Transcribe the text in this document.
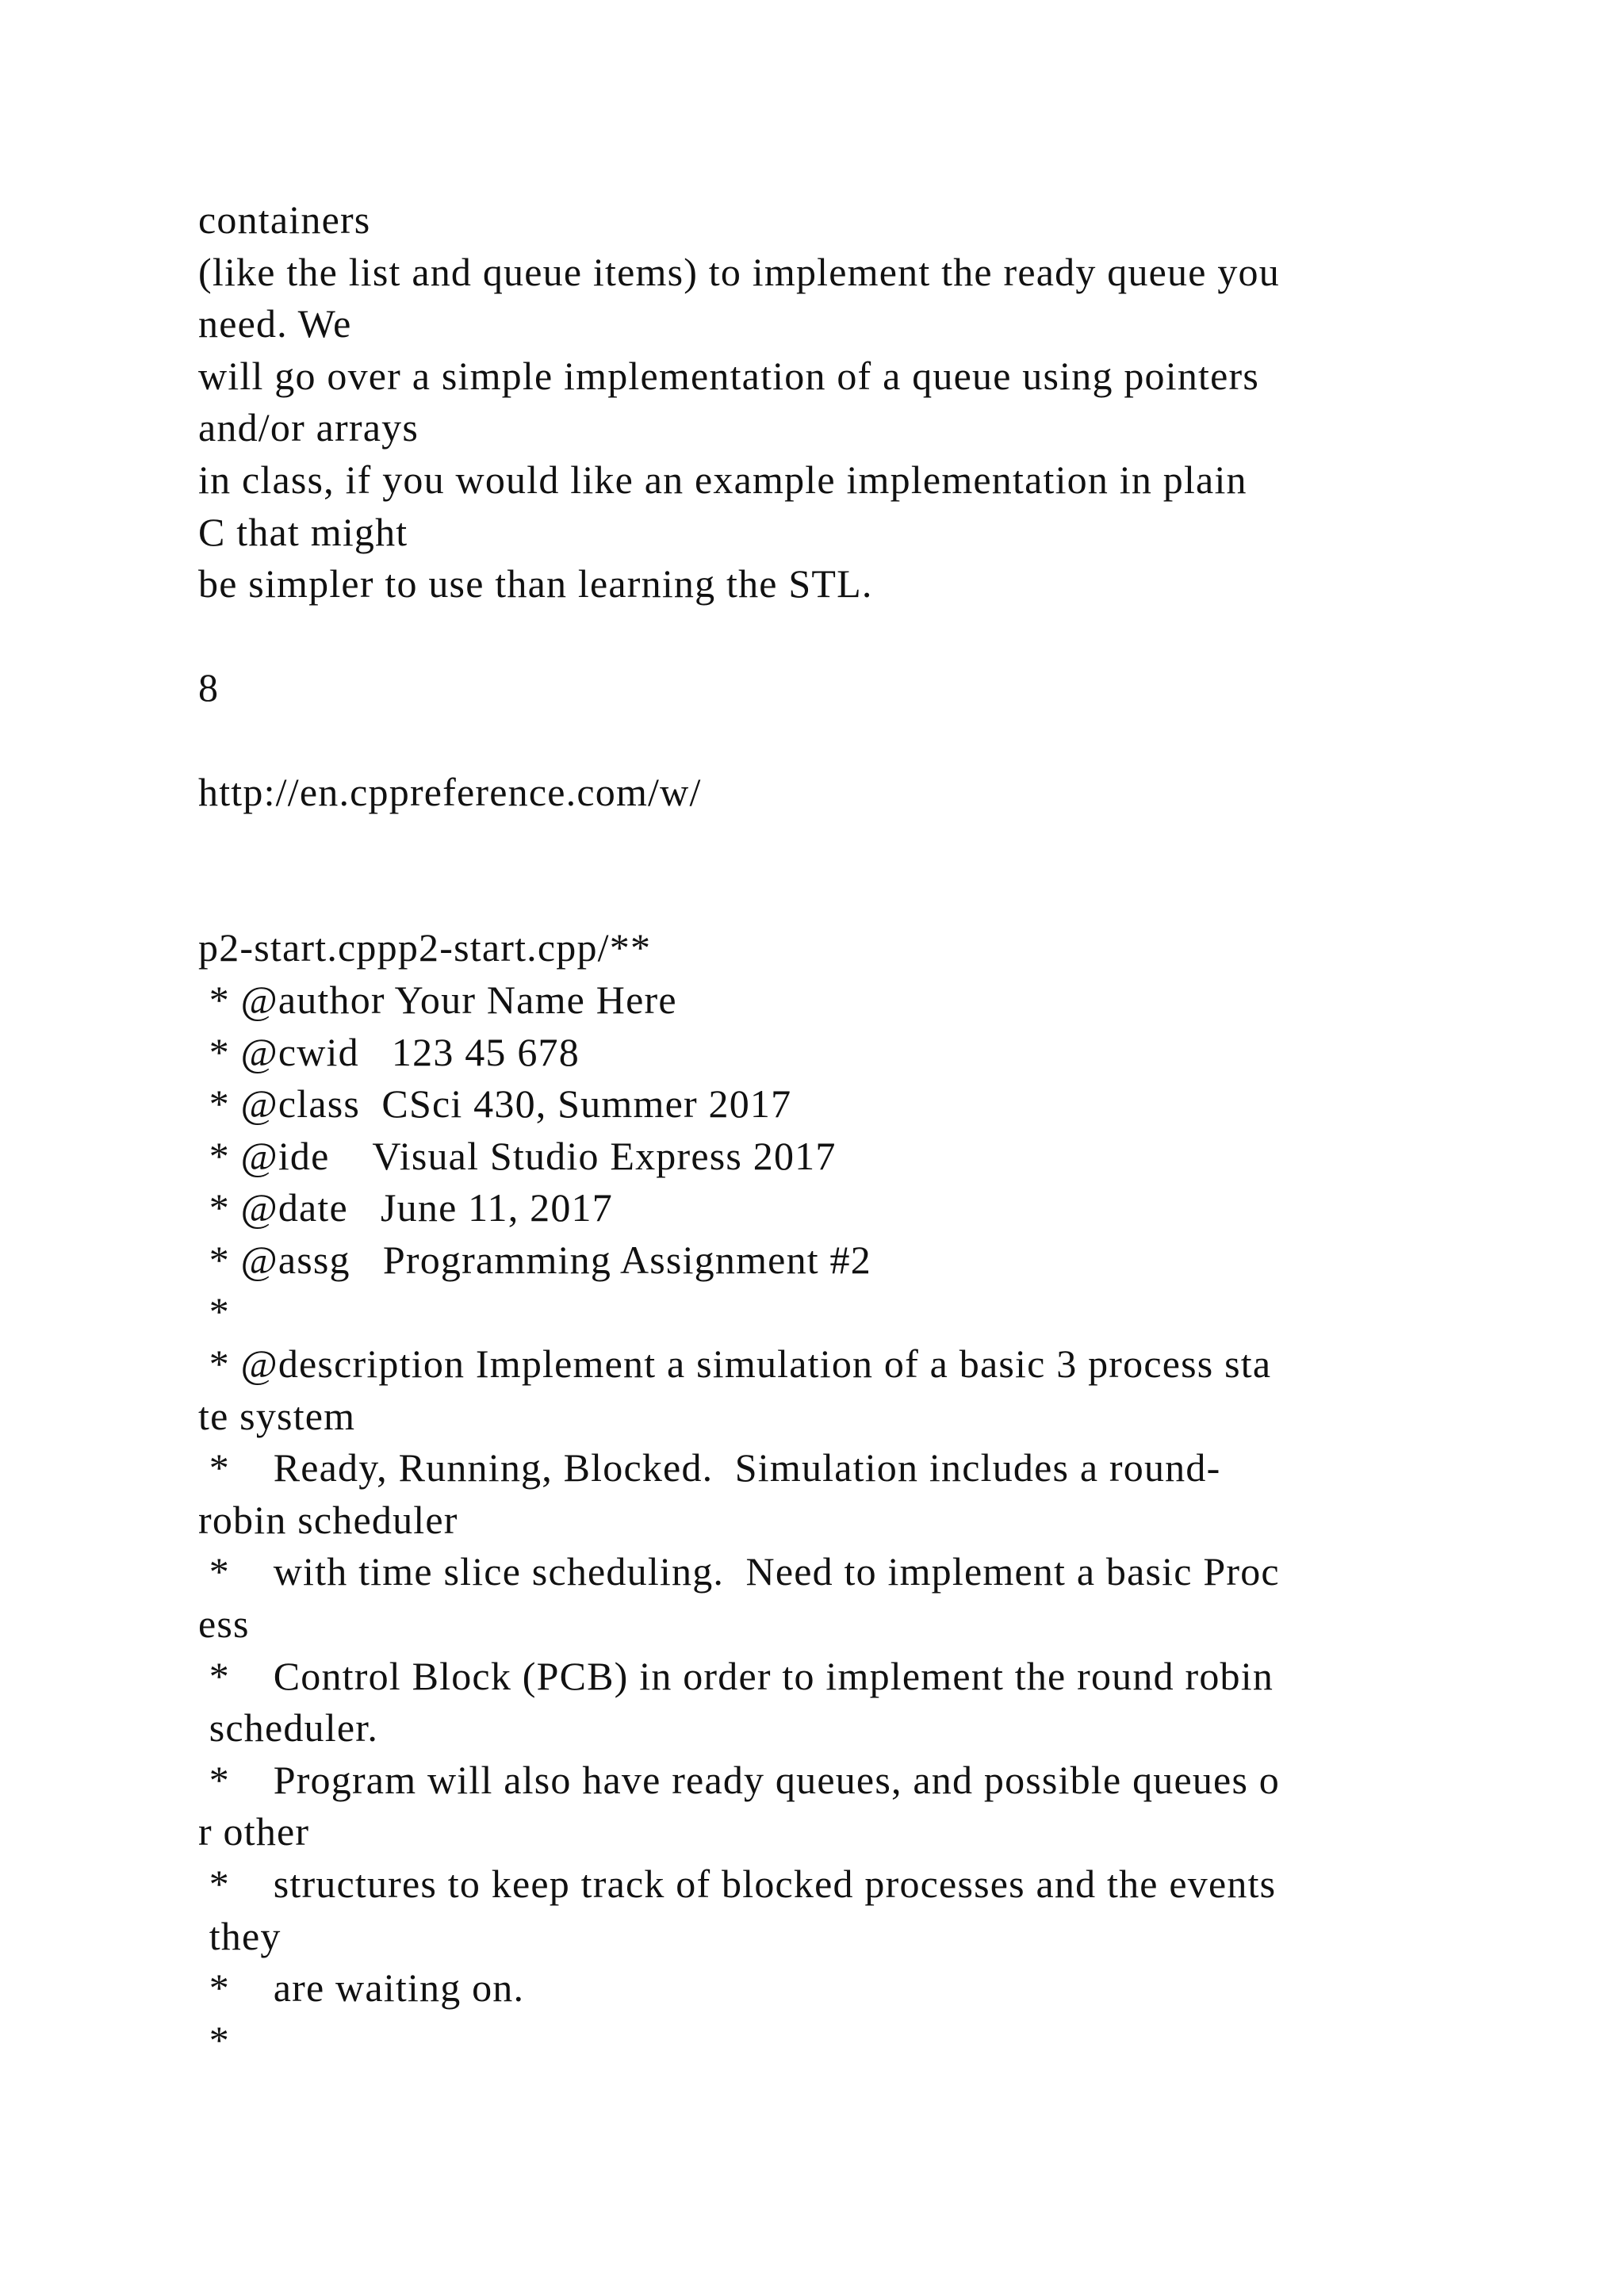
containers
(like the list and queue items) to implement the ready queue you
need. We
will go over a simple implementation of a queue using pointers
and/or arrays
in class, if you would like an example implementation in plain
C that might
be simpler to use than learning the STL.
8
http://en.cppreference.com/w/
p2-start.cppp2-start.cpp/**
* @author Your Name Here
* @cwid   123 45 678
* @class  CSci 430, Summer 2017
* @ide    Visual Studio Express 2017
* @date   June 11, 2017
* @assg   Programming Assignment #2
*
* @description Implement a simulation of a basic 3 process sta
te system
*    Ready, Running, Blocked.  Simulation includes a round-
robin scheduler
*    with time slice scheduling.  Need to implement a basic Proc
ess
*    Control Block (PCB) in order to implement the round robin
scheduler.
*    Program will also have ready queues, and possible queues o
r other
*    structures to keep track of blocked processes and the events
they
*    are waiting on.
*
